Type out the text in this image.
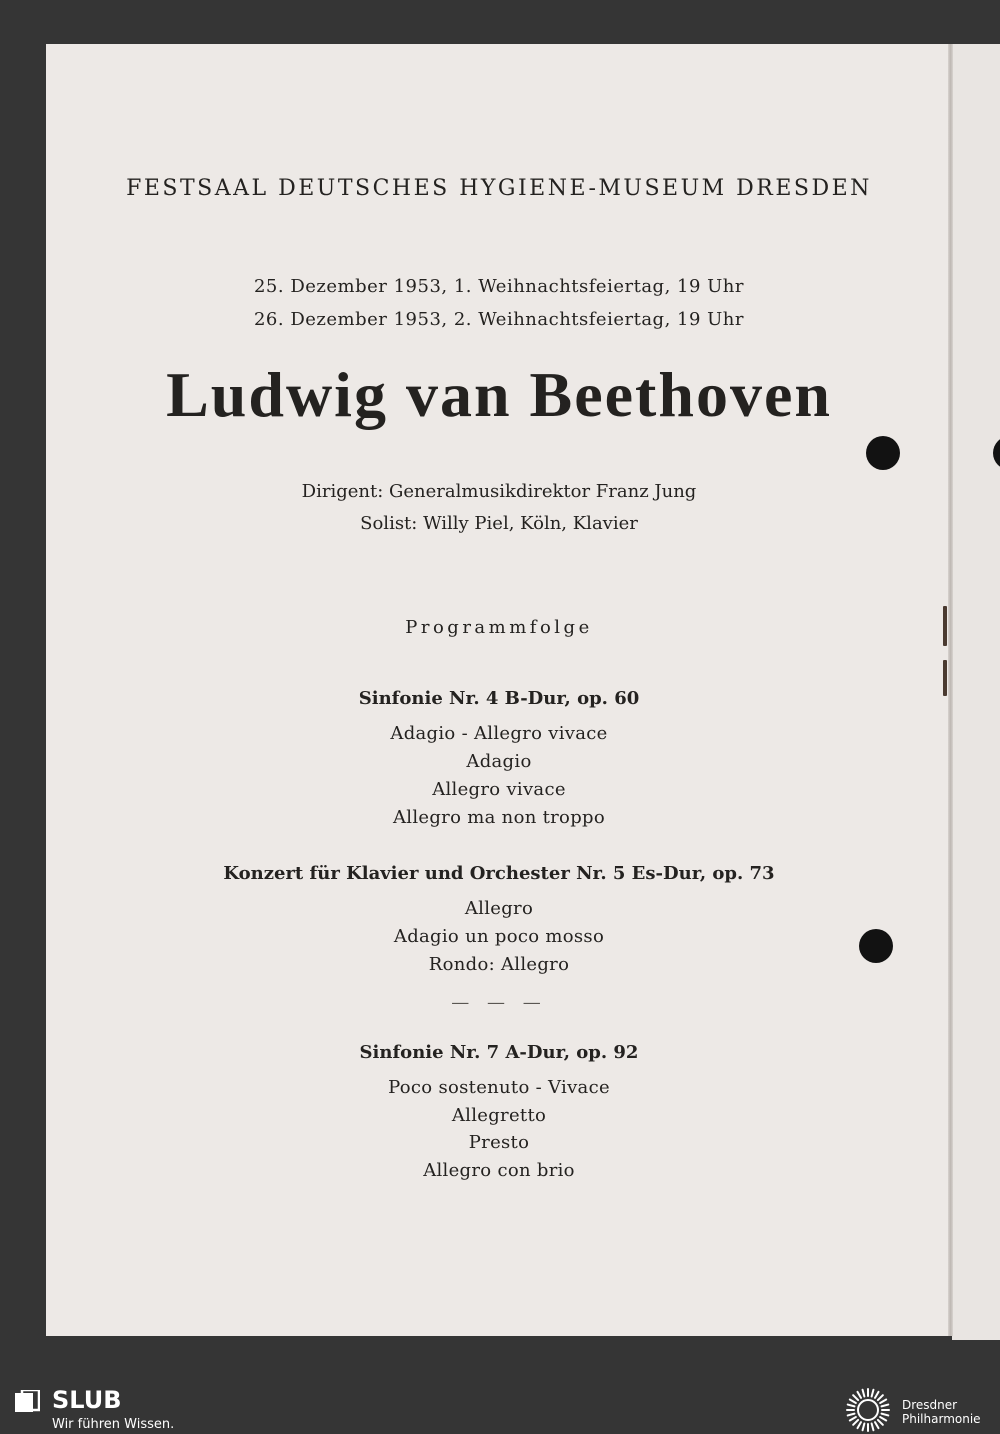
FESTSAAL DEUTSCHES HYGIENE-MUSEUM DRESDEN
25. Dezember 1953, 1. Weihnachtsfeiertag, 19 Uhr
26. Dezember 1953, 2. Weihnachtsfeiertag, 19 Uhr
Ludwig van Beethoven
Dirigent: Generalmusikdirektor Franz Jung
Solist: Willy Piel, Köln, Klavier
Programmfolge
Sinfonie Nr. 4 B-Dur, op. 60
Adagio - Allegro vivace
Adagio
Allegro vivace
Allegro ma non troppo
Konzert für Klavier und Orchester Nr. 5 Es-Dur, op. 73
Allegro
Adagio un poco mosso
Rondo: Allegro
— — —
Sinfonie Nr. 7 A-Dur, op. 92
Poco sostenuto - Vivace
Allegretto
Presto
Allegro con brio
SLUB
Wir führen Wissen.
Dresdner
Philharmonie
